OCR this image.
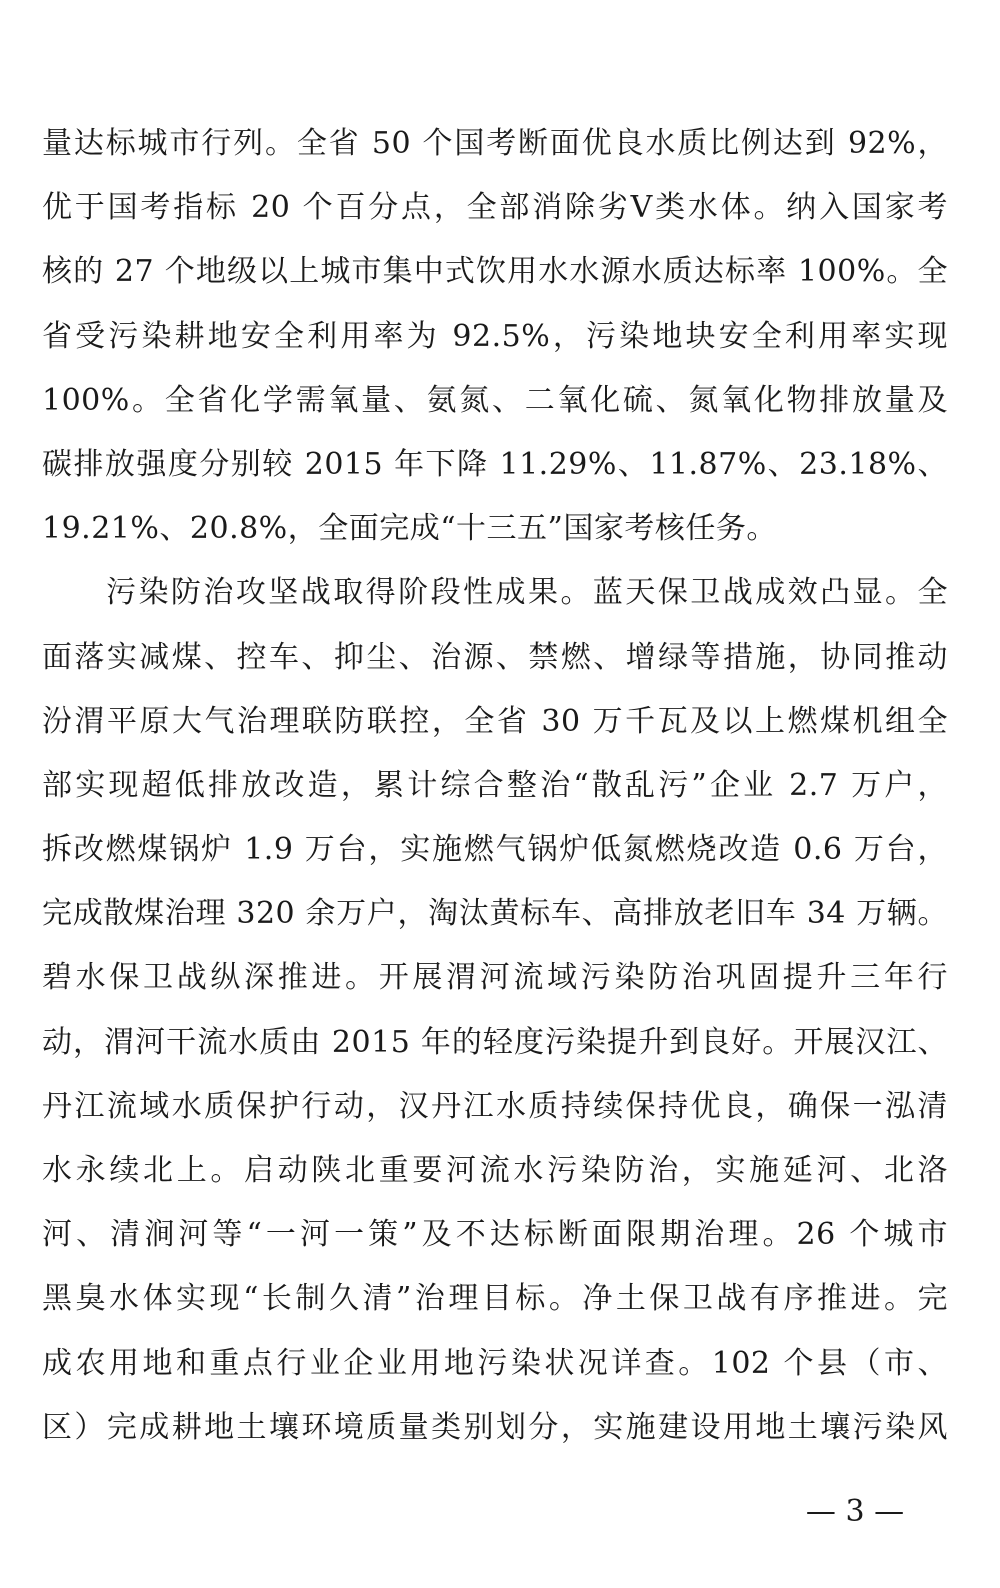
量达标城市行列。全省 50 个国考断面优良水质比例达到 92%，
优于国考指标 20 个百分点，全部消除劣Ⅴ类水体。纳入国家考
核的 27 个地级以上城市集中式饮用水水源水质达标率 100%。全
省受污染耕地安全利用率为 92.5%，污染地块安全利用率实现
100%。全省化学需氧量、氨氮、二氧化硫、氮氧化物排放量及
碳排放强度分别较 2015 年下降 11.29%、11.87%、23.18%、
19.21%、20.8%，全面完成“十三五”国家考核任务。
污染防治攻坚战取得阶段性成果。蓝天保卫战成效凸显。全
面落实减煤、控车、抑尘、治源、禁燃、增绿等措施，协同推动
汾渭平原大气治理联防联控，全省 30 万千瓦及以上燃煤机组全
部实现超低排放改造，累计综合整治“散乱污”企业 2.7 万户，
拆改燃煤锅炉 1.9 万台，实施燃气锅炉低氮燃烧改造 0.6 万台，
完成散煤治理 320 余万户，淘汰黄标车、高排放老旧车 34 万辆。
碧水保卫战纵深推进。开展渭河流域污染防治巩固提升三年行
动，渭河干流水质由 2015 年的轻度污染提升到良好。开展汉江、
丹江流域水质保护行动，汉丹江水质持续保持优良，确保一泓清
水永续北上。启动陕北重要河流水污染防治，实施延河、北洛
河、清涧河等“一河一策”及不达标断面限期治理。26 个城市
黑臭水体实现“长制久清”治理目标。净土保卫战有序推进。完
成农用地和重点行业企业用地污染状况详查。102 个县（市、
区）完成耕地土壤环境质量类别划分，实施建设用地土壤污染风
— 3 —
